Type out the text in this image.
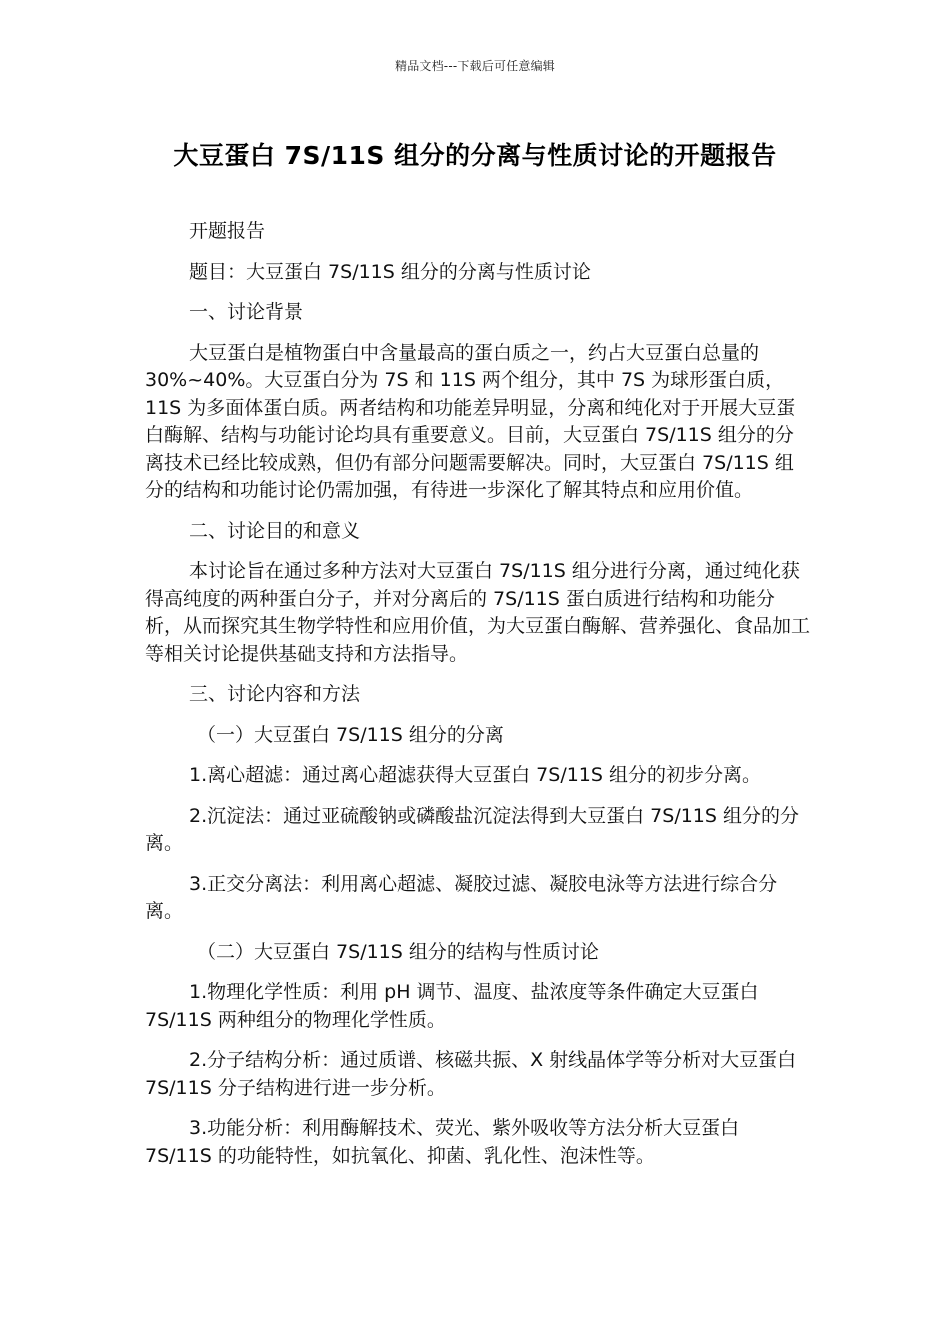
精品文档---下载后可任意编辑
大豆蛋白 7S/11S 组分的分离与性质讨论的开题报告

开题报告

题目：大豆蛋白 7S/11S 组分的分离与性质讨论

一、讨论背景

大豆蛋白是植物蛋白中含量最高的蛋白质之一，约占大豆蛋白总量的 30%~40%。大豆蛋白分为 7S 和 11S 两个组分，其中 7S 为球形蛋白质，11S 为多面体蛋白质。两者结构和功能差异明显，分离和纯化对于开展大豆蛋白酶解、结构与功能讨论均具有重要意义。目前，大豆蛋白 7S/11S 组分的分离技术已经比较成熟，但仍有部分问题需要解决。同时，大豆蛋白 7S/11S 组分的结构和功能讨论仍需加强，有待进一步深化了解其特点和应用价值。

二、讨论目的和意义

本讨论旨在通过多种方法对大豆蛋白 7S/11S 组分进行分离，通过纯化获得高纯度的两种蛋白分子，并对分离后的 7S/11S 蛋白质进行结构和功能分析，从而探究其生物学特性和应用价值，为大豆蛋白酶解、营养强化、食品加工等相关讨论提供基础支持和方法指导。

三、讨论内容和方法

（一）大豆蛋白 7S/11S 组分的分离

1.离心超滤：通过离心超滤获得大豆蛋白 7S/11S 组分的初步分离。

2.沉淀法：通过亚硫酸钠或磷酸盐沉淀法得到大豆蛋白 7S/11S 组分的分离。

3.正交分离法：利用离心超滤、凝胶过滤、凝胶电泳等方法进行综合分离。

（二）大豆蛋白 7S/11S 组分的结构与性质讨论

1.物理化学性质：利用 pH 调节、温度、盐浓度等条件确定大豆蛋白 7S/11S 两种组分的物理化学性质。

2.分子结构分析：通过质谱、核磁共振、X 射线晶体学等分析对大豆蛋白 7S/11S 分子结构进行进一步分析。

3.功能分析：利用酶解技术、荧光、紫外吸收等方法分析大豆蛋白 7S/11S 的功能特性，如抗氧化、抑菌、乳化性、泡沫性等。
